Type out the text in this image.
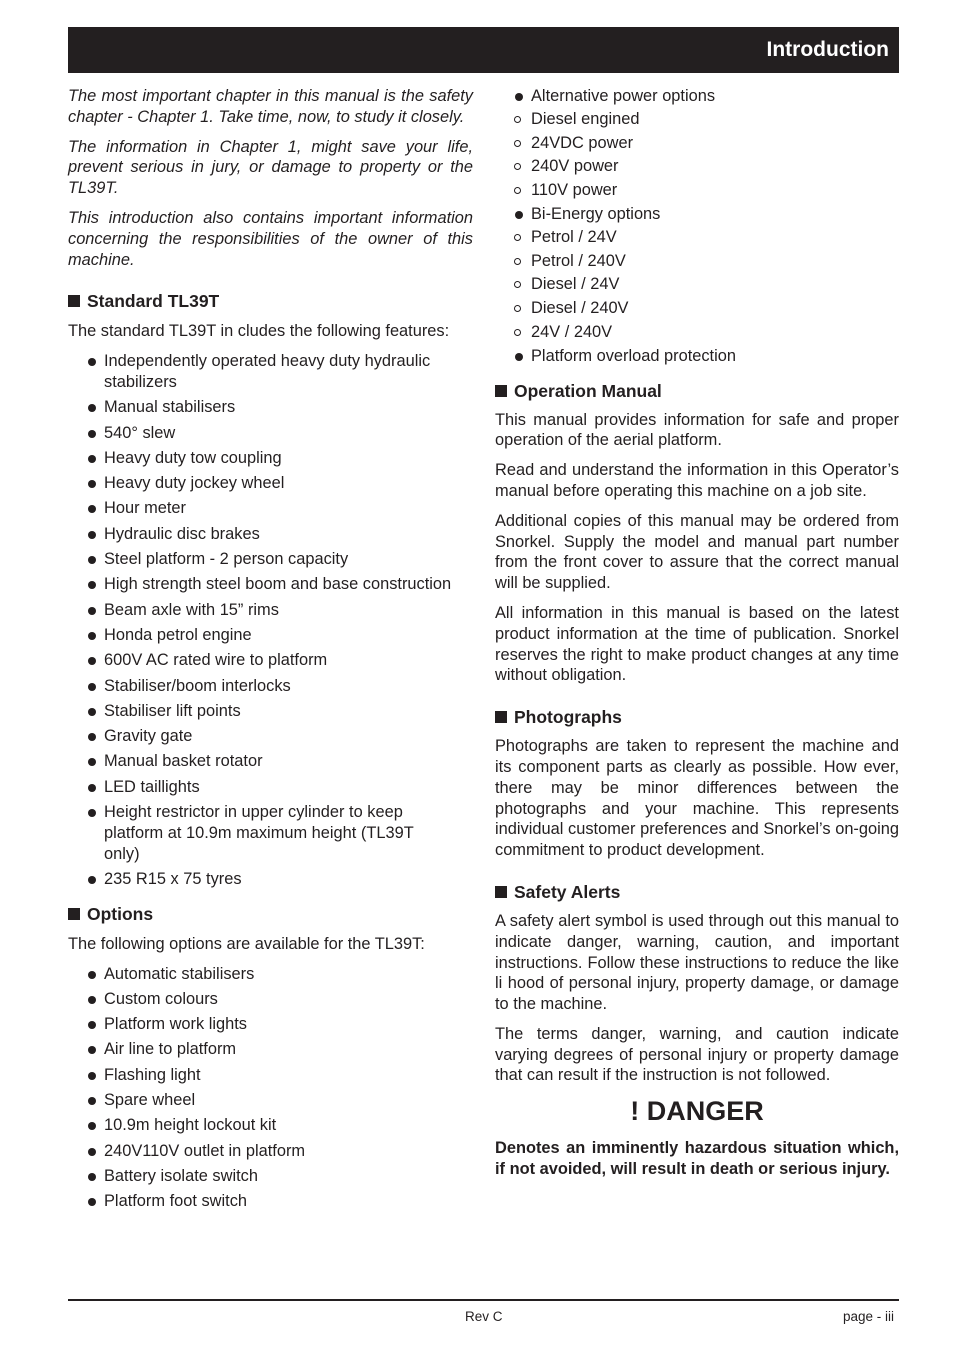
Introduction

The most important chapter in this manual is the safety chapter - Chapter 1. Take time, now, to study it closely.

The information in Chapter 1, might save your life, prevent serious in jury, or damage to property or the TL39T.

This introduction also contains important information concerning the responsibilities of the owner of this machine.

Standard TL39T

The standard TL39T in cludes the following features:

Independently operated heavy duty hydraulic stabilizers
Manual stabilisers
540° slew
Heavy duty tow coupling
Heavy duty jockey wheel
Hour meter
Hydraulic disc brakes
Steel platform - 2 person capacity
High strength steel boom and base construction
Beam axle with 15” rims
Honda petrol engine
600V AC rated wire to platform
Stabiliser/boom interlocks
Stabiliser lift points
Gravity gate
Manual basket rotator
LED taillights
Height restrictor in upper cylinder to keep platform at 10.9m maximum height (TL39T only)
235 R15 x 75 tyres
Options

The following options are available for the TL39T:

Automatic stabilisers
Custom colours
Platform work lights
Air line to platform
Flashing light
Spare wheel
10.9m height lockout kit
240V110V outlet in platform
Battery isolate switch
Platform foot switch
Alternative power options
Diesel engined
24VDC power
240V power
110V power
Bi-Energy options
Petrol / 24V
Petrol / 240V
Diesel / 24V
Diesel / 240V
24V / 240V
Platform overload protection
Operation Manual

This manual provides information for safe and proper operation of the aerial platform.

Read and understand the information in this Operator’s manual before operating this machine on a job site.

Additional copies of this manual may be ordered from Snorkel. Supply the model and manual part number from the front cover to assure that the correct manual will be supplied.

All information in this manual is based on the latest product information at the time of publication. Snorkel reserves the right to make product changes at any time without obligation.

Photographs

Photographs are taken to represent the machine and its component parts as clearly as possible. How ever, there may be minor differences between the photographs and your machine. This represents individual customer preferences and Snorkel’s on-going commitment to product development.

Safety Alerts

A safety alert symbol is used through out this manual to indicate danger, warning, caution, and important instructions. Follow these instructions to reduce the like li hood of personal injury, property damage, or damage to the machine.

The terms danger, warning, and caution indicate varying degrees of personal injury or property damage that can result if the instruction is not followed.

! DANGER

Denotes an imminently hazardous situation which, if not avoided, will result in death or serious injury.

Rev C	page - iii
